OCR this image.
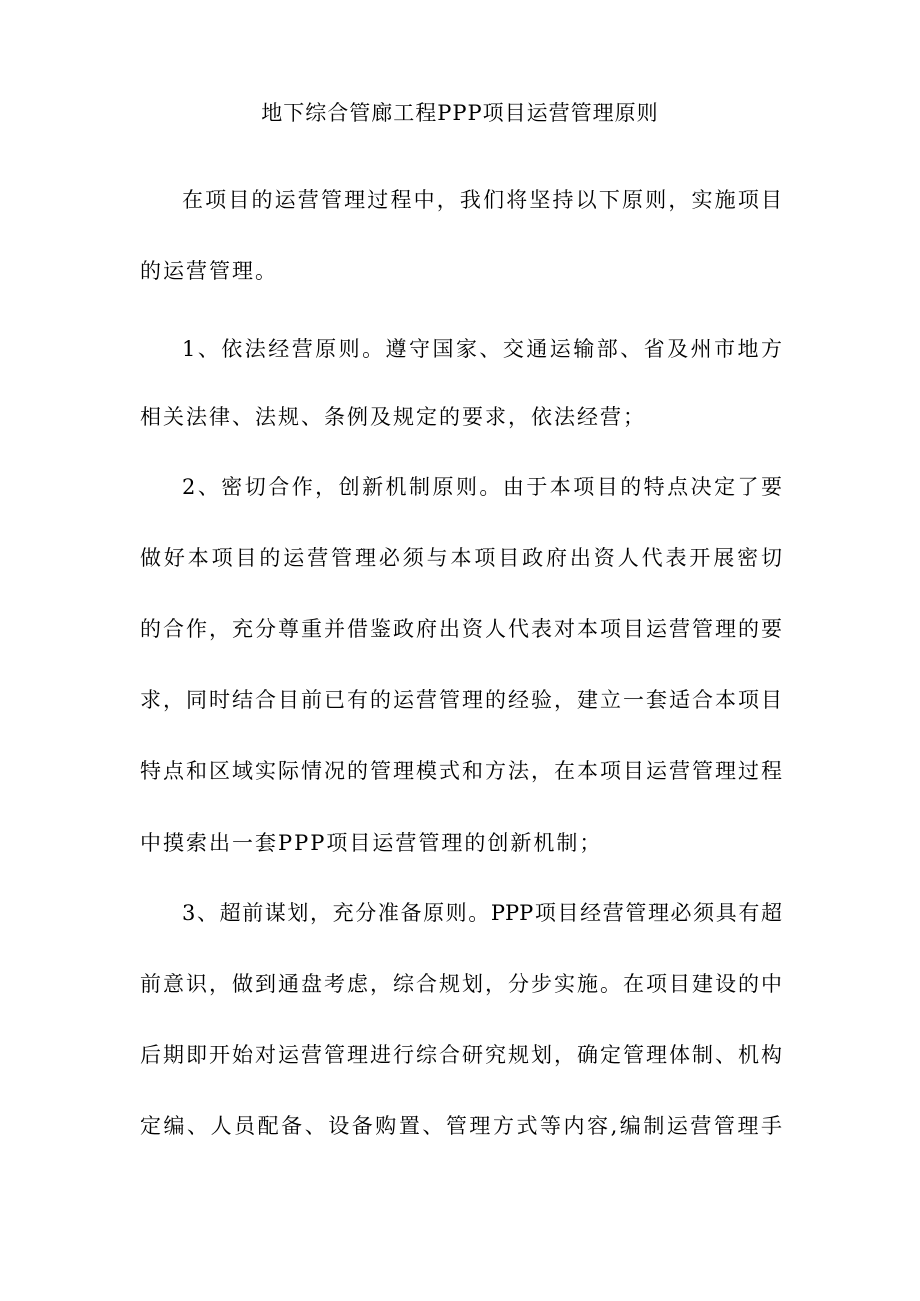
地下综合管廊工程PPP项目运营管理原则
在项目的运营管理过程中，我们将坚持以下原则，实施项目
的运营管理。
1、依法经营原则。遵守国家、交通运输部、省及州市地方
相关法律、法规、条例及规定的要求，依法经营；
2、密切合作，创新机制原则。由于本项目的特点决定了要
做好本项目的运营管理必须与本项目政府出资人代表开展密切
的合作，充分尊重并借鉴政府出资人代表对本项目运营管理的要
求，同时结合目前已有的运营管理的经验，建立一套适合本项目
特点和区域实际情况的管理模式和方法，在本项目运营管理过程
中摸索出一套PPP项目运营管理的创新机制；
3、超前谋划，充分准备原则。PPP项目经营管理必须具有超
前意识，做到通盘考虑，综合规划，分步实施。在项目建设的中
后期即开始对运营管理进行综合研究规划，确定管理体制、机构
定编、人员配备、设备购置、管理方式等内容,编制运营管理手
